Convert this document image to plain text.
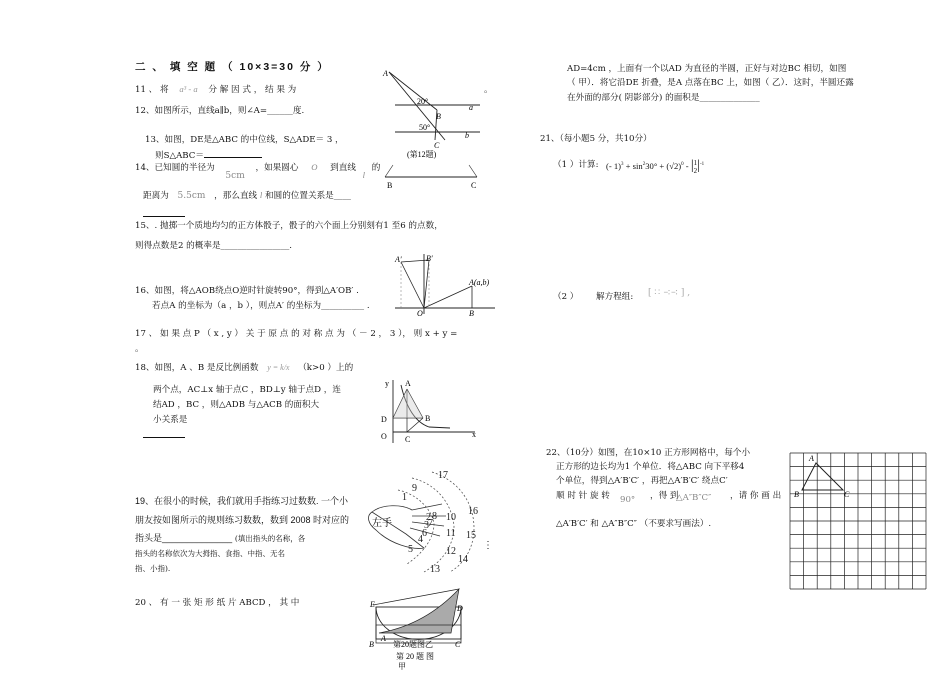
二 、 填 空 题 （ 10×3=30 分 ）
11 、 将 a³ - a 分 解 因 式 ， 结 果 为	。
12、如图所示，直线a∥b，则∠A=______度.
13、如图，DE是△ABC 的中位线，S△ADE＝ 3 ，
则S△ABC＝
14、已知圆的半径为 5cm ，如果圆心 O 到直线 l 的
距离为 5.5cm ，那么直线 l 和圆的位置关系是____
15、. 抛掷一个质地均匀的正方体骰子，骰子的六个面上分别刻有1 至6 的点数，
则得点数是2 的概率是________________.
16、如图，将△AOB绕点O逆时针旋转90°，得到△A′OB′ .
若点A 的坐标为（a ，b ），则点A′ 的坐标为__________ .
17 、 如 果 点 P （ x , y ） 关 于 原 点 的 对 称 点 为 （ － 2 ， 3 ）， 则 x + y =
。
18、如图，A 、B 是反比例函数 y = k/x （k>0 ）上的
两个点，AC⊥x 轴于点C ，BD⊥y 轴于点D ，连
结AD ，BC ，则△ADB 与△ACB 的面积大
小关系是
19、在很小的时候，我们就用手指练习过数数. 一个小
朋友按如图所示的规则练习数数，数到 2008 时对应的
指头是______________ (填出指头的名称，各
指头的名称依次为大拇指、食指、中指、无名
指、小指).
20 、 有 一 张 矩 形 纸 片 ABCD ， 其 中
AD=4cm ，上面有一个以AD 为直径的半圆，正好与对边BC 相切，如图
（ 甲）．将它沿DE 折叠，是A 点落在BC 上，如图（ 乙）．这时，半圆还露
在外面的部分( 阴影部分) 的面积是______________
21、（每小题5 分，共10分）
（1 ）计算: (- $1)^3 + \sin^230^\circ + (√2)^0 - |1$
$2|^{-1}$
（2 ） 解方程组: [ ∷ ∹∹ ] ,
22、（10分）如图，在10×10 正方形网格中，每个小
正方形的边长均为1 个单位．将△ABC 向下平移4
个单位，得到△A′B′C′ ，再把△A′B′C′ 绕点C′
顺 时 针 旋 转 90° ，得 到
△A″B″C″ ，请 你 画 出
△A′B′C′ 和 △A″B″C″ （不要求写画法）.
A
B
C
a
b
20°
50°
(第12题)
B	C
A′	B′
A(a,b)
B
O
y
x
A
B
C
D
O
左手
1
2
3
4
5
6
7
8
9
10
11
12
13
14
15
16
17
⋮
E	D
A
B	C
第20题图乙
第 20 题 图
甲
A
B	C
